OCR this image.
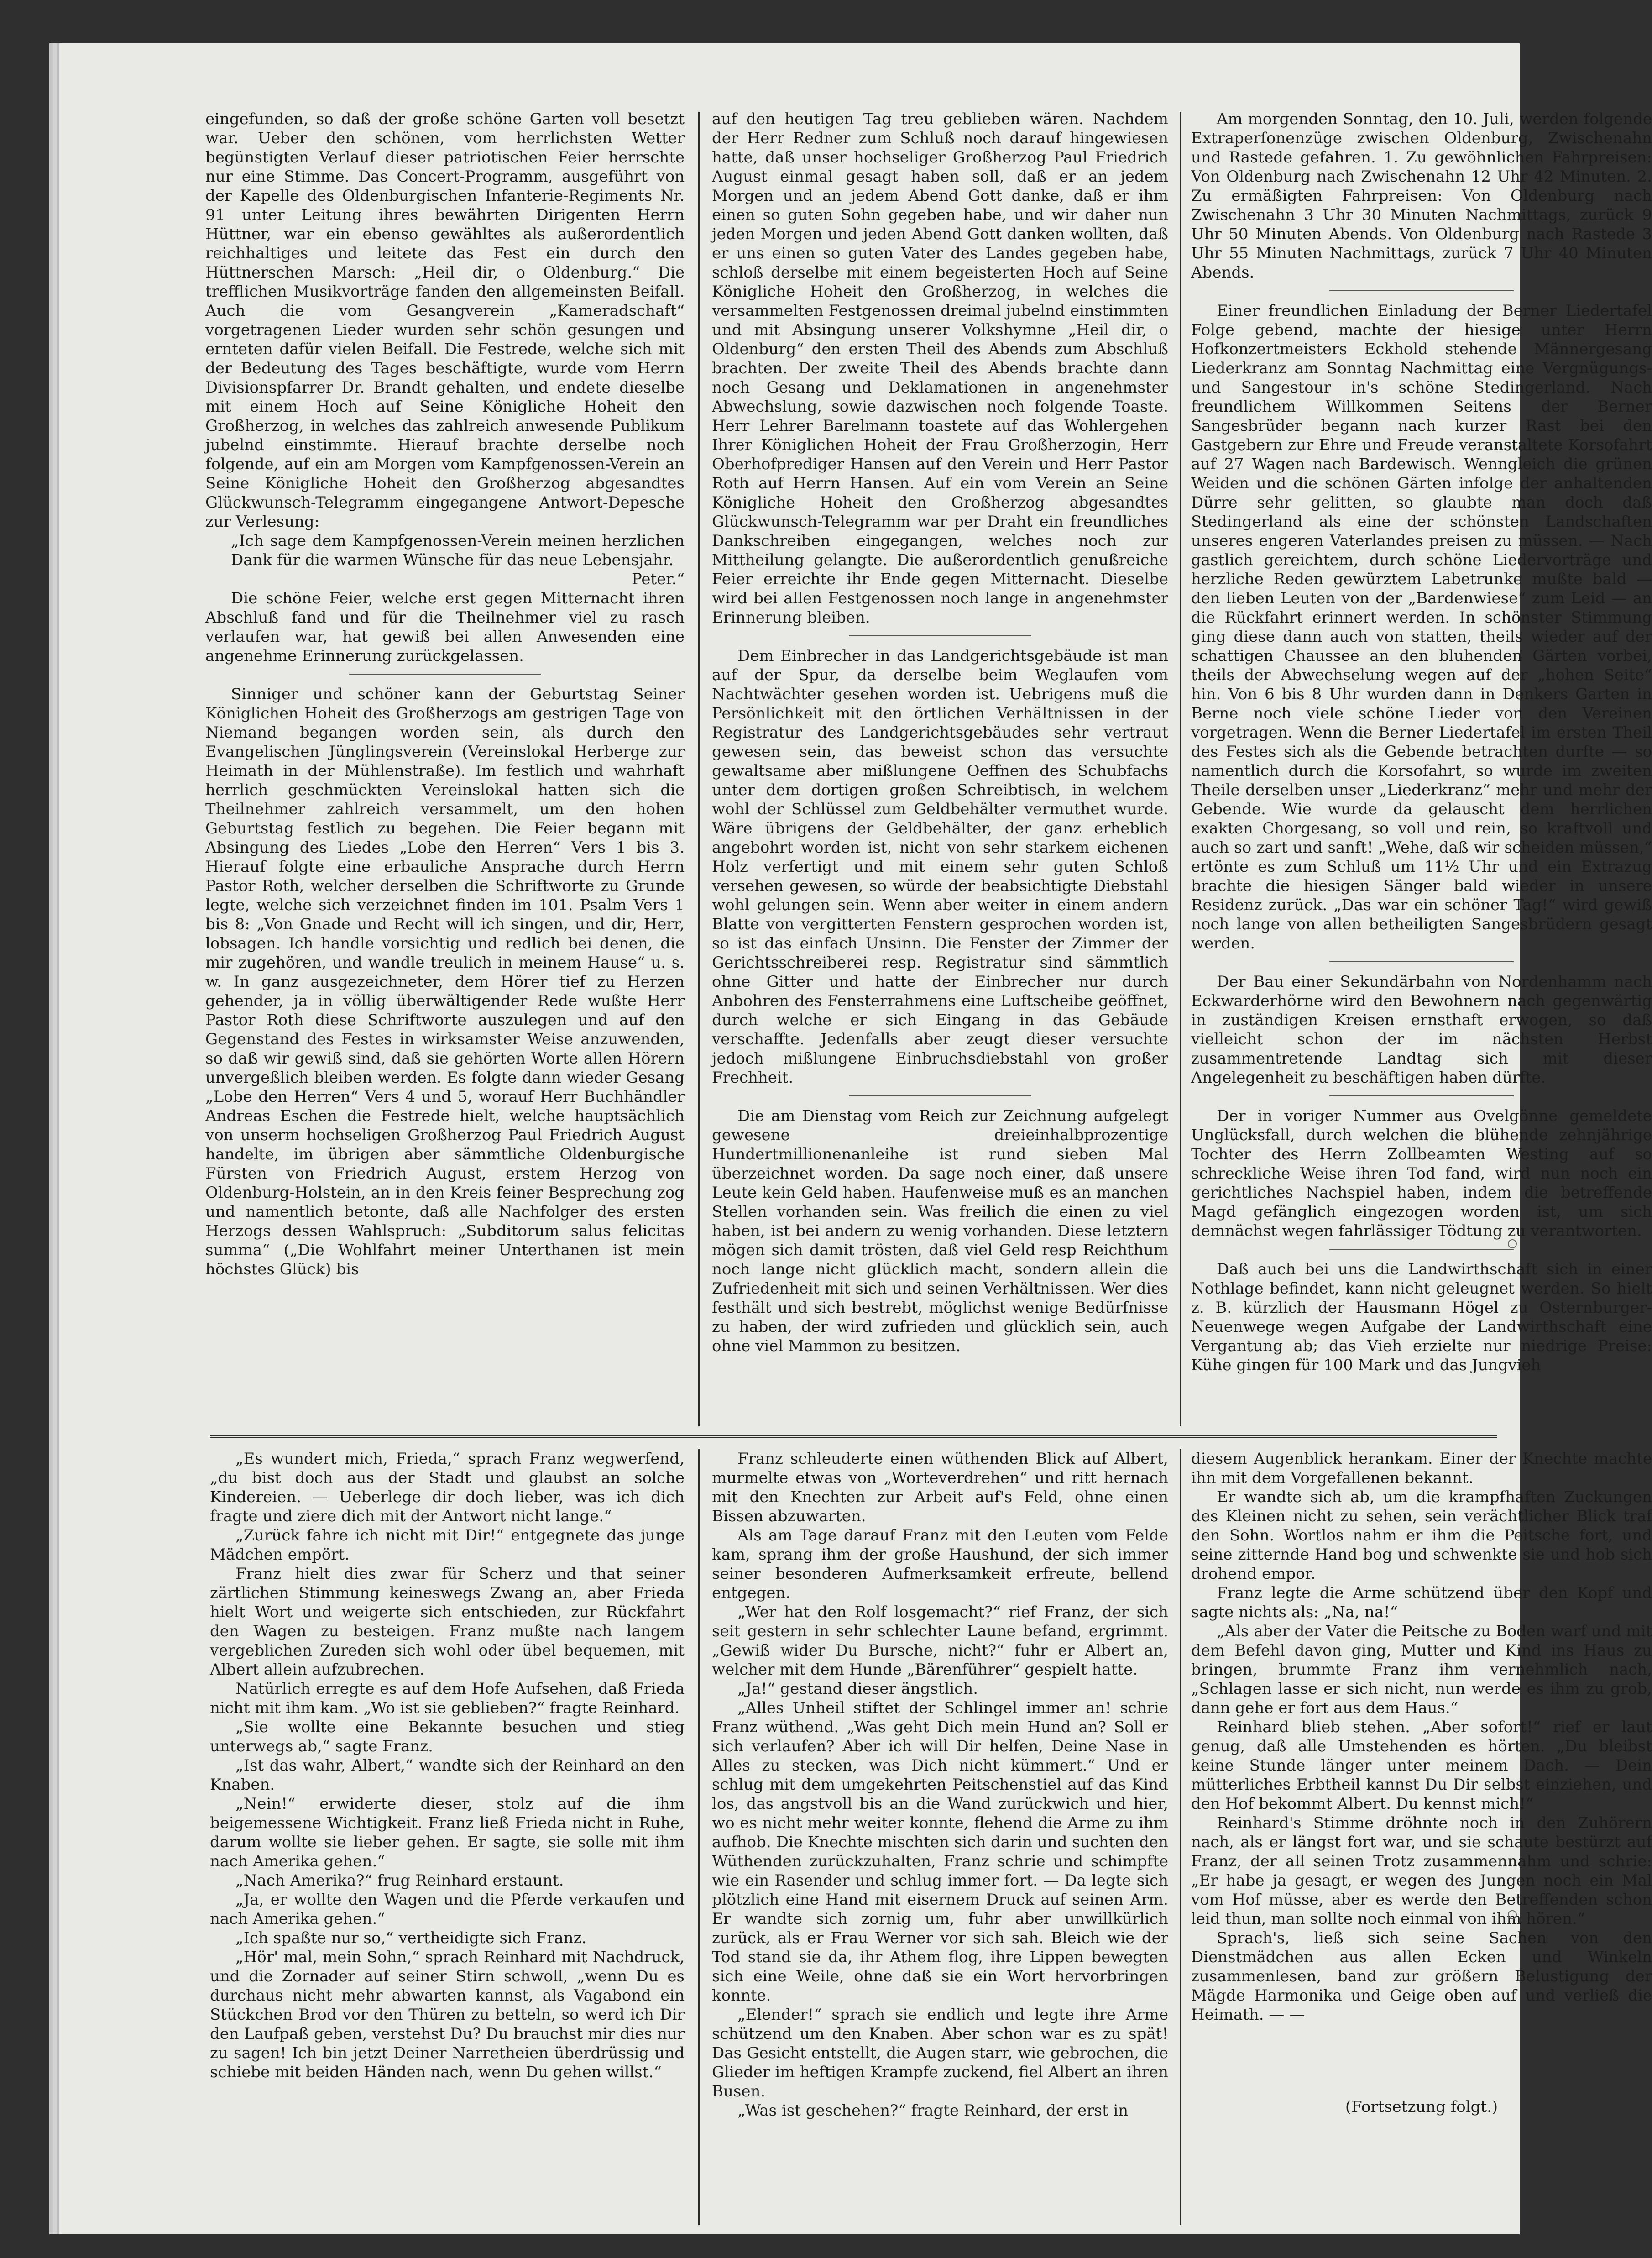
eingefunden, so daß der große schöne Garten voll besetzt war. Ueber den schönen, vom herrlichsten Wetter begünstigten Verlauf dieser patriotischen Feier herrschte nur eine Stimme. Das Concert-Programm, ausgeführt von der Kapelle des Oldenburgischen Infanterie-Regiments Nr. 91 unter Leitung ihres bewährten Dirigenten Herrn Hüttner, war ein ebenso gewähltes als außerordentlich reichhaltiges und leitete das Fest ein durch den Hüttnerschen Marsch: „Heil dir, o Oldenburg.“ Die trefflichen Musikvorträge fanden den allgemeinsten Beifall. Auch die vom Gesangverein „Kameradschaft“ vorgetragenen Lieder wurden sehr schön gesungen und ernteten dafür vielen Beifall. Die Festrede, welche sich mit der Bedeutung des Tages beschäftigte, wurde vom Herrn Divisionspfarrer Dr. Brandt gehalten, und endete dieselbe mit einem Hoch auf Seine Königliche Hoheit den Großherzog, in welches das zahlreich anwesende Publikum jubelnd einstimmte. Hierauf brachte derselbe noch folgende, auf ein am Morgen vom Kampfgenossen-Verein an Seine Königliche Hoheit den Großherzog abgesandtes Glückwunsch-Telegramm eingegangene Antwort-Depesche zur Verlesung:

„Ich sage dem Kampfgenossen-Verein meinen herzlichen Dank für die warmen Wünsche für das neue Lebensjahr.

Peter.“

Die schöne Feier, welche erst gegen Mitternacht ihren Abschluß fand und für die Theilnehmer viel zu rasch verlaufen war, hat gewiß bei allen Anwesenden eine angenehme Erinnerung zurückgelassen.

Sinniger und schöner kann der Geburtstag Seiner Königlichen Hoheit des Großherzogs am gestrigen Tage von Niemand begangen worden sein, als durch den Evangelischen Jünglingsverein (Vereinslokal Herberge zur Heimath in der Mühlenstraße). Im festlich und wahrhaft herrlich geschmückten Vereinslokal hatten sich die Theilnehmer zahlreich versammelt, um den hohen Geburtstag festlich zu begehen. Die Feier begann mit Absingung des Liedes „Lobe den Herren“ Vers 1 bis 3. Hierauf folgte eine erbauliche Ansprache durch Herrn Pastor Roth, welcher derselben die Schriftworte zu Grunde legte, welche sich verzeichnet finden im 101. Psalm Vers 1 bis 8: „Von Gnade und Recht will ich singen, und dir, Herr, lobsagen. Ich handle vorsichtig und redlich bei denen, die mir zugehören, und wandle treulich in meinem Hause“ u. s. w. In ganz ausgezeichneter, dem Hörer tief zu Herzen gehender, ja in völlig überwältigender Rede wußte Herr Pastor Roth diese Schriftworte auszulegen und auf den Gegenstand des Festes in wirksamster Weise anzuwenden, so daß wir gewiß sind, daß sie gehörten Worte allen Hörern unvergeßlich bleiben werden. Es folgte dann wieder Gesang „Lobe den Herren“ Vers 4 und 5, worauf Herr Buchhändler Andreas Eschen die Festrede hielt, welche hauptsächlich von unserm hochseligen Großherzog Paul Friedrich August handelte, im übrigen aber sämmtliche Oldenburgische Fürsten von Friedrich August, erstem Herzog von Oldenburg-Holstein, an in den Kreis feiner Besprechung zog und namentlich betonte, daß alle Nachfolger des ersten Herzogs dessen Wahlspruch: „Subditorum salus felicitas summa“ („Die Wohlfahrt meiner Unterthanen ist mein höchstes Glück) bis

auf den heutigen Tag treu geblieben wären. Nachdem der Herr Redner zum Schluß noch darauf hingewiesen hatte, daß unser hochseliger Großherzog Paul Friedrich August einmal gesagt haben soll, daß er an jedem Morgen und an jedem Abend Gott danke, daß er ihm einen so guten Sohn gegeben habe, und wir daher nun jeden Morgen und jeden Abend Gott danken wollten, daß er uns einen so guten Vater des Landes gegeben habe, schloß derselbe mit einem begeisterten Hoch auf Seine Königliche Hoheit den Großherzog, in welches die versammelten Festgenossen dreimal jubelnd einstimmten und mit Absingung unserer Volkshymne „Heil dir, o Oldenburg“ den ersten Theil des Abends zum Abschluß brachten. Der zweite Theil des Abends brachte dann noch Gesang und Deklamationen in angenehmster Abwechslung, sowie dazwischen noch folgende Toaste. Herr Lehrer Barelmann toastete auf das Wohlergehen Ihrer Königlichen Hoheit der Frau Großherzogin, Herr Oberhofprediger Hansen auf den Verein und Herr Pastor Roth auf Herrn Hansen. Auf ein vom Verein an Seine Königliche Hoheit den Großherzog abgesandtes Glückwunsch-Telegramm war per Draht ein freundliches Dankschreiben eingegangen, welches noch zur Mittheilung gelangte. Die außerordentlich genußreiche Feier erreichte ihr Ende gegen Mitternacht. Dieselbe wird bei allen Festgenossen noch lange in angenehmster Erinnerung bleiben.

Dem Einbrecher in das Landgerichtsgebäude ist man auf der Spur, da derselbe beim Weglaufen vom Nachtwächter gesehen worden ist. Uebrigens muß die Persönlichkeit mit den örtlichen Verhältnissen in der Registratur des Landgerichtsgebäudes sehr vertraut gewesen sein, das beweist schon das versuchte gewaltsame aber mißlungene Oeffnen des Schubfachs unter dem dortigen großen Schreibtisch, in welchem wohl der Schlüssel zum Geldbehälter vermuthet wurde. Wäre übrigens der Geldbehälter, der ganz erheblich angebohrt worden ist, nicht von sehr starkem eichenen Holz verfertigt und mit einem sehr guten Schloß versehen gewesen, so würde der beabsichtigte Diebstahl wohl gelungen sein. Wenn aber weiter in einem andern Blatte von vergitterten Fenstern gesprochen worden ist, so ist das einfach Unsinn. Die Fenster der Zimmer der Gerichtsschreiberei resp. Registratur sind sämmtlich ohne Gitter und hatte der Einbrecher nur durch Anbohren des Fensterrahmens eine Luftscheibe geöffnet, durch welche er sich Eingang in das Gebäude verschaffte. Jedenfalls aber zeugt dieser versuchte jedoch mißlungene Einbruchsdiebstahl von großer Frechheit.

Die am Dienstag vom Reich zur Zeichnung aufgelegt gewesene dreieinhalbprozentige Hundertmillionenanleihe ist rund sieben Mal überzeichnet worden. Da sage noch einer, daß unsere Leute kein Geld haben. Haufenweise muß es an manchen Stellen vorhanden sein. Was freilich die einen zu viel haben, ist bei andern zu wenig vorhanden. Diese letztern mögen sich damit trösten, daß viel Geld resp Reichthum noch lange nicht glücklich macht, sondern allein die Zufriedenheit mit sich und seinen Verhältnissen. Wer dies festhält und sich bestrebt, möglichst wenige Bedürfnisse zu haben, der wird zufrieden und glücklich sein, auch ohne viel Mammon zu besitzen.

Am morgenden Sonntag, den 10. Juli, werden folgende Extraperſonenzüge zwischen Oldenburg, Zwischenahn und Rastede gefahren. 1. Zu gewöhnlichen Fahrpreisen: Von Oldenburg nach Zwischenahn 12 Uhr 42 Minuten. 2. Zu ermäßigten Fahrpreisen: Von Oldenburg nach Zwischenahn 3 Uhr 30 Minuten Nachmittags, zurück 9 Uhr 50 Minuten Abends. Von Oldenburg nach Rastede 3 Uhr 55 Minuten Nachmittags, zurück 7 Uhr 40 Minuten Abends.

Einer freundlichen Einladung der Berner Liedertafel Folge gebend, machte der hiesige unter Herrn Hofkonzertmeisters Eckhold stehende Männergesang Liederkranz am Sonntag Nachmittag eine Vergnügungs- und Sangestour in's schöne Stedingerland. Nach freundlichem Willkommen Seitens der Berner Sangesbrüder begann nach kurzer Rast bei den Gastgebern zur Ehre und Freude veranstaltete Korsofahrt auf 27 Wagen nach Bardewisch. Wenngleich die grünen Weiden und die schönen Gärten infolge der anhaltenden Dürre sehr gelitten, so glaubte man doch daß Stedingerland als eine der schönsten Landschaften unseres engeren Vaterlandes preisen zu müssen. — Nach gastlich gereichtem, durch schöne Liedervorträge und herzliche Reden gewürztem Labetrunke mußte bald — den lieben Leuten von der „Bardenwiese“ zum Leid — an die Rückfahrt erinnert werden. In schönster Stimmung ging diese dann auch von statten, theils wieder auf der schattigen Chaussee an den bluhenden Gärten vorbei, theils der Abwechselung wegen auf der „hohen Seite“ hin. Von 6 bis 8 Uhr wurden dann in Denkers Garten in Berne noch viele schöne Lieder von den Vereinen vorgetragen. Wenn die Berner Liedertafel im ersten Theil des Festes sich als die Gebende betrachten durfte — so namentlich durch die Korsofahrt, so wurde im zweiten Theile derselben unser „Liederkranz“ mehr und mehr der Gebende. Wie wurde da gelauscht dem herrlichen exakten Chorgesang, so voll und rein, so kraftvoll und auch so zart und sanft! „Wehe, daß wir scheiden müssen,“ ertönte es zum Schluß um 11½ Uhr und ein Extrazug brachte die hiesigen Sänger bald wieder in unsere Residenz zurück. „Das war ein schöner Tag!“ wird gewiß noch lange von allen betheiligten Sangesbrüdern gesagt werden.

Der Bau einer Sekundärbahn von Nordenhamm nach Eckwarderhörne wird den Bewohnern nach gegenwärtig in zuständigen Kreisen ernsthaft erwogen, so daß vielleicht schon der im nächsten Herbst zusammentretende Landtag sich mit dieser Angelegenheit zu beschäftigen haben dürfte.

Der in voriger Nummer aus Ovelgönne gemeldete Unglücksfall, durch welchen die blühende zehnjährige Tochter des Herrn Zollbeamten Westing auf so schreckliche Weise ihren Tod fand, wird nun noch ein gerichtliches Nachspiel haben, indem die betreffende Magd gefänglich eingezogen worden ist, um sich demnächst wegen fahrlässiger Tödtung zu verantworten.

Daß auch bei uns die Landwirthschaft sich in einer Nothlage befindet, kann nicht geleugnet werden. So hielt z. B. kürzlich der Hausmann Högel zu Osternburger-Neuenwege wegen Aufgabe der Landwirthschaft eine Vergantung ab; das Vieh erzielte nur niedrige Preise: Kühe gingen für 100 Mark und das Jungvieh

„Es wundert mich, Frieda,“ sprach Franz wegwerfend, „du bist doch aus der Stadt und glaubst an solche Kindereien. — Ueberlege dir doch lieber, was ich dich fragte und ziere dich mit der Antwort nicht lange.“

„Zurück fahre ich nicht mit Dir!“ entgegnete das junge Mädchen empört.

Franz hielt dies zwar für Scherz und that seiner zärtlichen Stimmung keineswegs Zwang an, aber Frieda hielt Wort und weigerte sich entschieden, zur Rückfahrt den Wagen zu besteigen. Franz mußte nach langem vergeblichen Zureden sich wohl oder übel bequemen, mit Albert allein aufzubrechen.

Natürlich erregte es auf dem Hofe Aufsehen, daß Frieda nicht mit ihm kam. „Wo ist sie geblieben?“ fragte Reinhard.

„Sie wollte eine Bekannte besuchen und stieg unterwegs ab,“ sagte Franz.

„Ist das wahr, Albert,“ wandte sich der Reinhard an den Knaben.

„Nein!“ erwiderte dieser, stolz auf die ihm beigemessene Wichtigkeit. Franz ließ Frieda nicht in Ruhe, darum wollte sie lieber gehen. Er sagte, sie solle mit ihm nach Amerika gehen.“

„Nach Amerika?“ frug Reinhard erstaunt.

„Ja, er wollte den Wagen und die Pferde verkaufen und nach Amerika gehen.“

„Ich spaßte nur so,“ vertheidigte sich Franz.

„Hör' mal, mein Sohn,“ sprach Reinhard mit Nachdruck, und die Zornader auf seiner Stirn schwoll, „wenn Du es durchaus nicht mehr abwarten kannst, als Vagabond ein Stückchen Brod vor den Thüren zu betteln, so werd ich Dir den Laufpaß geben, verstehst Du? Du brauchst mir dies nur zu sagen! Ich bin jetzt Deiner Narretheien überdrüssig und schiebe mit beiden Händen nach, wenn Du gehen willst.“

Franz schleuderte einen wüthenden Blick auf Albert, murmelte etwas von „Worteverdrehen“ und ritt hernach mit den Knechten zur Arbeit auf's Feld, ohne einen Bissen abzuwarten.

Als am Tage darauf Franz mit den Leuten vom Felde kam, sprang ihm der große Haushund, der sich immer seiner besonderen Aufmerksamkeit erfreute, bellend entgegen.

„Wer hat den Rolf losgemacht?“ rief Franz, der sich seit gestern in sehr schlechter Laune befand, ergrimmt. „Gewiß wider Du Bursche, nicht?“ fuhr er Albert an, welcher mit dem Hunde „Bärenführer“ gespielt hatte.

„Ja!“ gestand dieser ängstlich.

„Alles Unheil stiftet der Schlingel immer an! schrie Franz wüthend. „Was geht Dich mein Hund an? Soll er sich verlaufen? Aber ich will Dir helfen, Deine Nase in Alles zu stecken, was Dich nicht kümmert.“ Und er schlug mit dem umgekehrten Peitschenstiel auf das Kind los, das angstvoll bis an die Wand zurückwich und hier, wo es nicht mehr weiter konnte, flehend die Arme zu ihm aufhob. Die Knechte mischten sich darin und suchten den Wüthenden zurückzuhalten, Franz schrie und schimpfte wie ein Rasender und schlug immer fort. — Da legte sich plötzlich eine Hand mit eisernem Druck auf seinen Arm. Er wandte sich zornig um, fuhr aber unwillkürlich zurück, als er Frau Werner vor sich sah. Bleich wie der Tod stand sie da, ihr Athem flog, ihre Lippen bewegten sich eine Weile, ohne daß sie ein Wort hervorbringen konnte.

„Elender!“ sprach sie endlich und legte ihre Arme schützend um den Knaben. Aber schon war es zu spät! Das Gesicht entstellt, die Augen starr, wie gebrochen, die Glieder im heftigen Krampfe zuckend, fiel Albert an ihren Busen.

„Was ist geschehen?“ fragte Reinhard, der erst in

diesem Augenblick herankam. Einer der Knechte machte ihn mit dem Vorgefallenen bekannt.

Er wandte sich ab, um die krampfhaften Zuckungen des Kleinen nicht zu sehen, sein verächtlicher Blick traf den Sohn. Wortlos nahm er ihm die Peitsche fort, und seine zitternde Hand bog und schwenkte sie und hob sich drohend empor.

Franz legte die Arme schützend über den Kopf und sagte nichts als: „Na, na!“

„Als aber der Vater die Peitsche zu Boden warf und mit dem Befehl davon ging, Mutter und Kind ins Haus zu bringen, brummte Franz ihm vernehmlich nach, „Schlagen lasse er sich nicht, nun werde es ihm zu grob, dann gehe er fort aus dem Haus.“

Reinhard blieb stehen. „Aber sofort!“ rief er laut genug, daß alle Umstehenden es hörten. „Du bleibst keine Stunde länger unter meinem Dach. — Dein mütterliches Erbtheil kannst Du Dir selbst einziehen, und den Hof bekommt Albert. Du kennst mich!“

Reinhard's Stimme dröhnte noch in den Zuhörern nach, als er längst fort war, und sie schaute bestürzt auf Franz, der all seinen Trotz zusammennahm und schrie: „Er habe ja gesagt, er wegen des Jungen noch ein Mal vom Hof müsse, aber es werde den Betreffenden schon leid thun, man sollte noch einmal von ihm hören.“

Sprach's, ließ sich seine Sachen von den Dienstmädchen aus allen Ecken und Winkeln zusammenlesen, band zur größern Belustigung der Mägde Harmonika und Geige oben auf und verließ die Heimath. — —

(Fortsetzung folgt.)
